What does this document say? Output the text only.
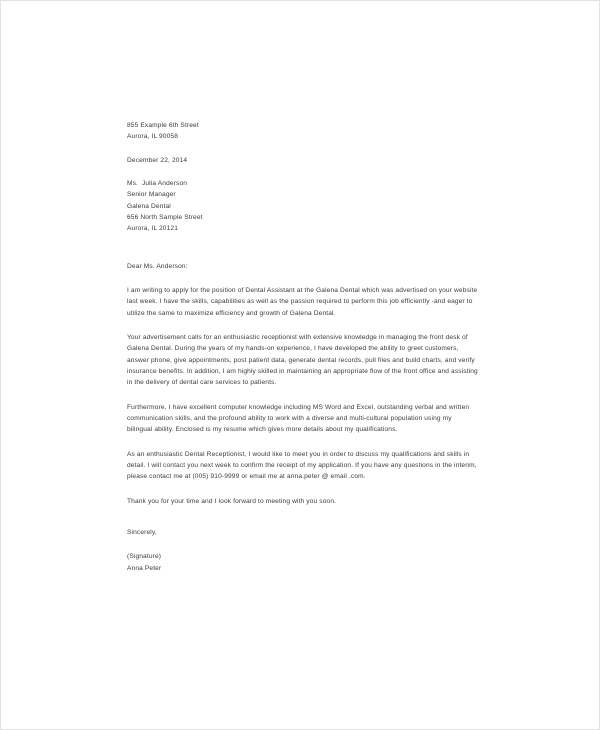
855 Example 6th Street
Aurora, IL 90058
December 22, 2014
Ms.  Julia Anderson
Senior Manager
Galena Dental
656 North Sample Street
Aurora, IL 20121
Dear Ms. Anderson:

I am writing to apply for the position of Dental Assistant at the Galena Dental which was advertised on your website last week. I have the skills, capabilities as well as the passion required to perform this job efficiently -and eager to utilize the same to maximize efficiency and growth of Galena Dental.

Your advertisement calls for an enthusiastic receptionist with extensive knowledge in managing the front desk of Galena Dental. During the years of my hands-on experience, I have developed the ability to greet customers, answer phone, give appointments, post patient data, generate dental records, pull files and build charts, and verify insurance benefits. In addition, I am highly skilled in maintaining an appropriate flow of the front office and assisting in the delivery of dental care services to patients.

Furthermore, I have excellent computer knowledge including MS Word and Excel, outstanding verbal and written communication skills, and the profound ability to work with a diverse and multi-cultural population using my bilingual ability. Enclosed is my resume which gives more details about my qualifications.

As an enthusiastic Dental Receptionist, I would like to meet you in order to discuss my qualifications and skills in detail. I will contact you next week to confirm the receipt of my application. If you have any questions in the interim, please contact me at (005) 910-9999 or email me at anna.peter @ email .com.

Thank you for your time and I look forward to meeting with you soon.

Sincerely,
(Signature)
Anna Peter
